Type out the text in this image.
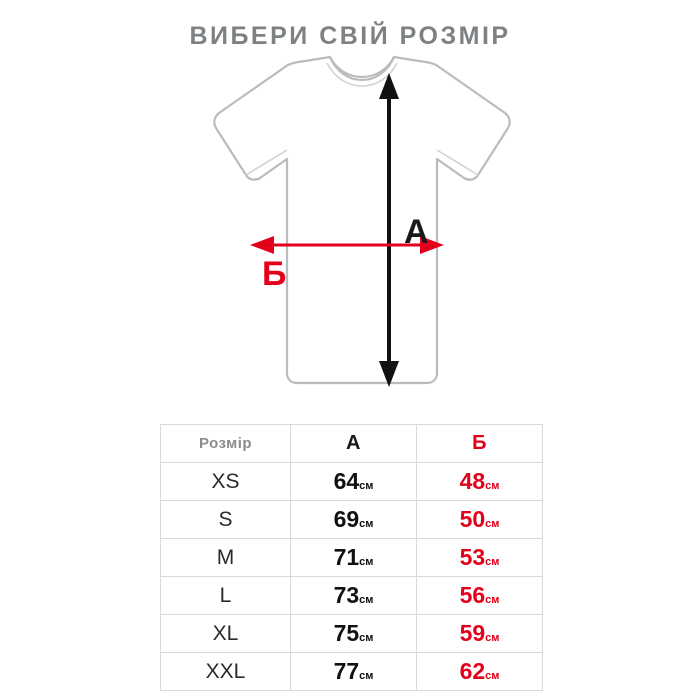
ВИБЕРИ СВІЙ РОЗМІР
А
Б
Розмір	А	Б
XS	64см	48см
S	69см	50см
M	71см	53см
L	73см	56см
XL	75см	59см
XXL	77см	62см
